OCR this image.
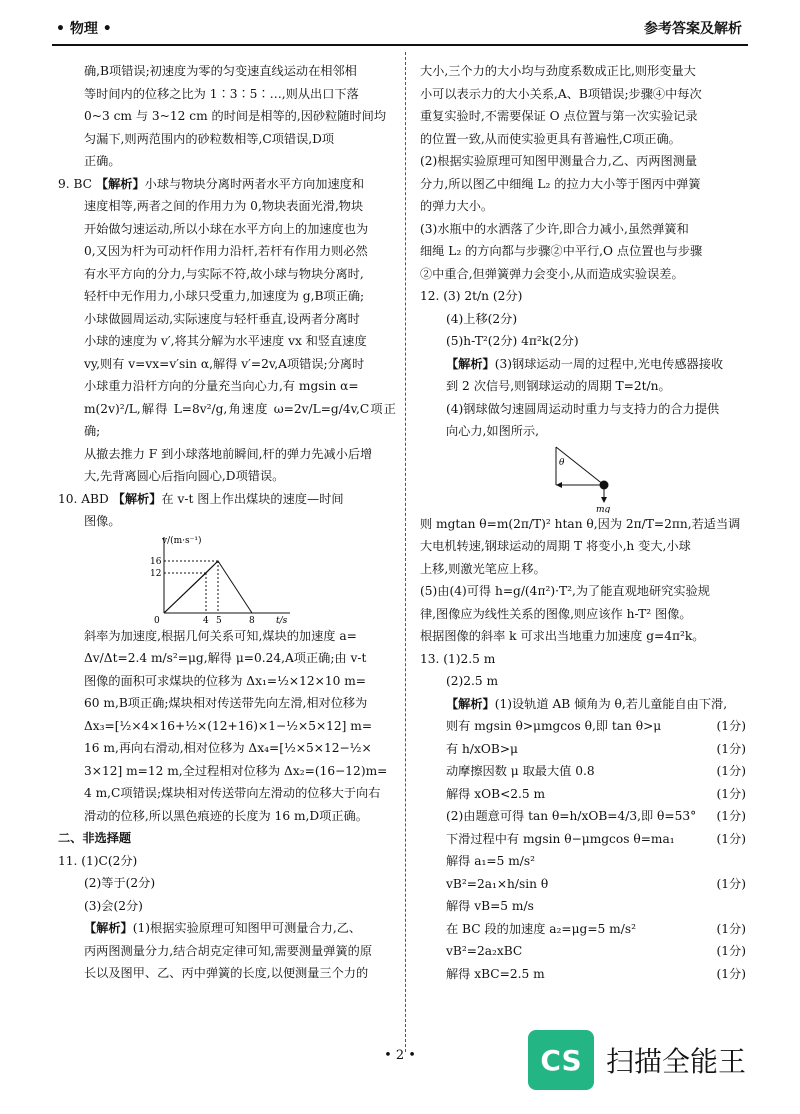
• 物理 •	参考答案及解析

确,B项错误;初速度为零的匀变速直线运动在相邻相

等时间内的位移之比为 1∶3∶5∶…,则从出口下落

0~3 cm 与 3~12 cm 的时间是相等的,因砂粒随时间均

匀漏下,则两范围内的砂粒数相等,C项错误,D项

正确。

9. BC 【解析】小球与物块分离时两者水平方向加速度和

速度相等,两者之间的作用力为 0,物块表面光滑,物块

开始做匀速运动,所以小球在水平方向上的加速度也为

0,又因为杆为可动杆作用力沿杆,若杆有作用力则必然

有水平方向的分力,与实际不符,故小球与物块分离时,

轻杆中无作用力,小球只受重力,加速度为 g,B项正确;

小球做圆周运动,实际速度与轻杆垂直,设两者分离时

小球的速度为 v′,将其分解为水平速度 vx 和竖直速度

vy,则有 v=vx=v′sin α,解得 v′=2v,A项错误;分离时

小球重力沿杆方向的分量充当向心力,有 mgsin α=

m(2v)²/L,解得 L=8v²/g,角速度 ω=2v/L=g/4v,C项正确;

从撤去推力 F 到小球落地前瞬间,杆的弹力先减小后增

大,先背离圆心后指向圆心,D项错误。

10. ABD 【解析】在 v-t 图上作出煤块的速度—时间

图像。

v/(m·s⁻¹)
t/s
16
12
0	4 5	8

斜率为加速度,根据几何关系可知,煤块的加速度 a=

Δv/Δt=2.4 m/s²=μg,解得 μ=0.24,A项正确;由 v-t

图像的面积可求煤块的位移为 Δx₁=½×12×10 m=

60 m,B项正确;煤块相对传送带先向左滑,相对位移为

Δx₃=[½×4×16+½×(12+16)×1−½×5×12] m=

16 m,再向右滑动,相对位移为 Δx₄=[½×5×12−½×

3×12] m=12 m,全过程相对位移为 Δx₂=(16−12)m=

4 m,C项错误;煤块相对传送带向左滑动的位移大于向右

滑动的位移,所以黑色痕迹的长度为 16 m,D项正确。

二、非选择题

11. (1)C(2分)

(2)等于(2分)

(3)会(2分)

【解析】(1)根据实验原理可知图甲可测量合力,乙、

丙两图测量分力,结合胡克定律可知,需要测量弹簧的原

长以及图甲、乙、丙中弹簧的长度,以便测量三个力的

大小,三个力的大小均与劲度系数成正比,则形变量大

小可以表示力的大小关系,A、B项错误;步骤④中每次

重复实验时,不需要保证 O 点位置与第一次实验记录

的位置一致,从而使实验更具有普遍性,C项正确。

(2)根据实验原理可知图甲测量合力,乙、丙两图测量

分力,所以图乙中细绳 L₂ 的拉力大小等于图丙中弹簧

的弹力大小。

(3)水瓶中的水洒落了少许,即合力减小,虽然弹簧和

细绳 L₂ 的方向都与步骤②中平行,O 点位置也与步骤

②中重合,但弹簧弹力会变小,从而造成实验误差。

12. (3) 2t/n (2分)

(4)上移(2分)

(5)h-T²(2分) 4π²k(2分)

【解析】(3)钢球运动一周的过程中,光电传感器接收

到 2 次信号,则钢球运动的周期 T=2t/n。

(4)钢球做匀速圆周运动时重力与支持力的合力提供

向心力,如图所示,

θ
mg

则 mgtan θ=m(2π/T)² htan θ,因为 2π/T=2πn,若适当调

大电机转速,钢球运动的周期 T 将变小,h 变大,小球

上移,则激光笔应上移。

(5)由(4)可得 h=g/(4π²)·T²,为了能直观地研究实验规

律,图像应为线性关系的图像,则应该作 h-T² 图像。

根据图像的斜率 k 可求出当地重力加速度 g=4π²k。

13. (1)2.5 m

(2)2.5 m

【解析】(1)设轨道 AB 倾角为 θ,若儿童能自由下滑,

则有 mgsin θ>μmgcos θ,即 tan θ>μ	(1分)
有 h/xOB>μ	(1分)
动摩擦因数 μ 取最大值 0.8	(1分)
解得 xOB<2.5 m	(1分)
(2)由题意可得 tan θ=h/xOB=4/3,即 θ=53° (1分)
下滑过程中有 mgsin θ−μmgcos θ=ma₁	(1分)
解得 a₁=5 m/s²
vB²=2a₁×h/sin θ	(1分)
解得 vB=5 m/s
在 BC 段的加速度 a₂=μg=5 m/s²	(1分)
vB²=2a₂xBC	(1分)
解得 xBC=2.5 m	(1分)
• 2 •	CS 扫描全能王
